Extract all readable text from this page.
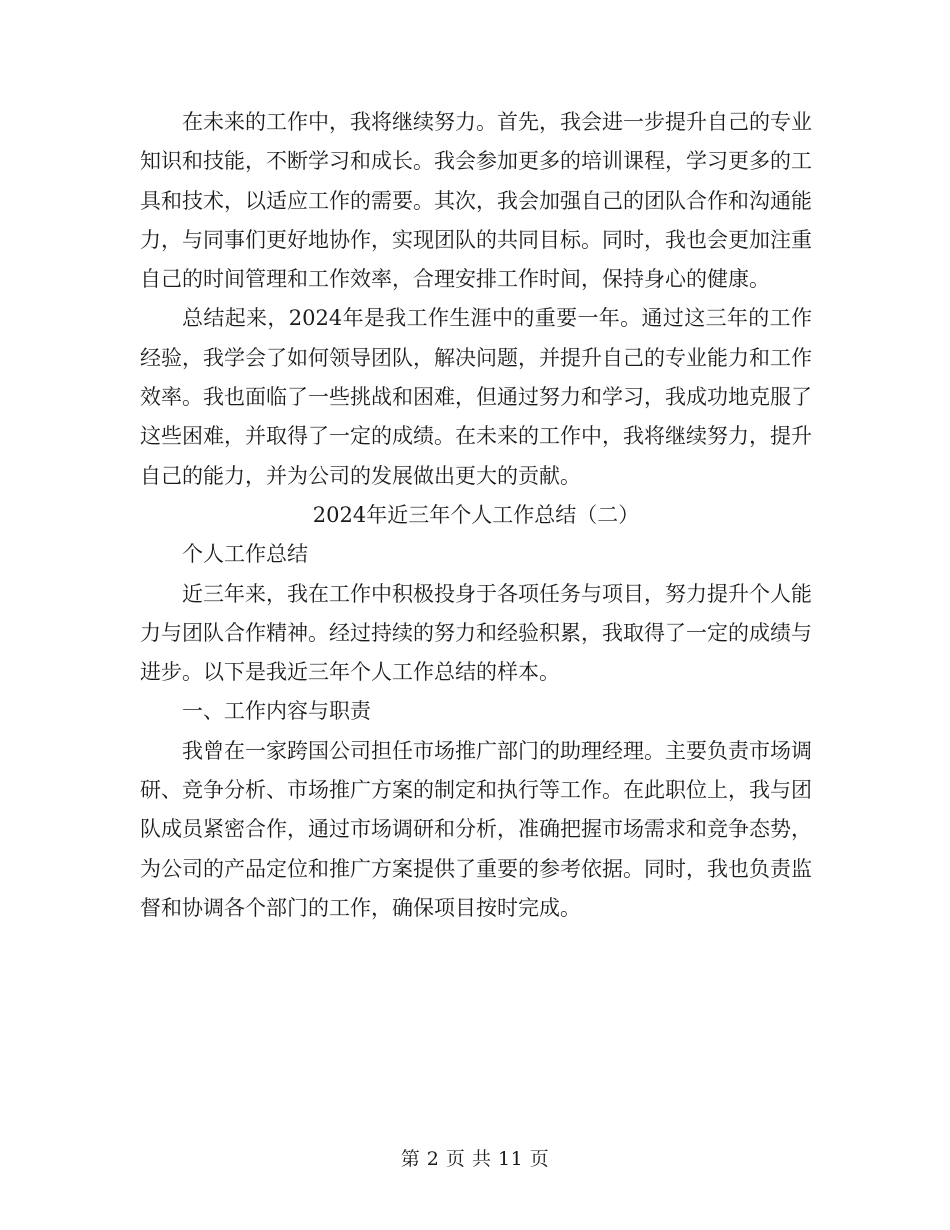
在未来的工作中，我将继续努力。首先，我会进一步提升自己的专业知识和技能，不断学习和成长。我会参加更多的培训课程，学习更多的工具和技术，以适应工作的需要。其次，我会加强自己的团队合作和沟通能力，与同事们更好地协作，实现团队的共同目标。同时，我也会更加注重自己的时间管理和工作效率，合理安排工作时间，保持身心的健康。

总结起来，2024年是我工作生涯中的重要一年。通过这三年的工作经验，我学会了如何领导团队，解决问题，并提升自己的专业能力和工作效率。我也面临了一些挑战和困难，但通过努力和学习，我成功地克服了这些困难，并取得了一定的成绩。在未来的工作中，我将继续努力，提升自己的能力，并为公司的发展做出更大的贡献。

2024年近三年个人工作总结（二）

个人工作总结

近三年来，我在工作中积极投身于各项任务与项目，努力提升个人能力与团队合作精神。经过持续的努力和经验积累，我取得了一定的成绩与进步。以下是我近三年个人工作总结的样本。

一、工作内容与职责

我曾在一家跨国公司担任市场推广部门的助理经理。主要负责市场调研、竞争分析、市场推广方案的制定和执行等工作。在此职位上，我与团队成员紧密合作，通过市场调研和分析，准确把握市场需求和竞争态势，为公司的产品定位和推广方案提供了重要的参考依据。同时，我也负责监督和协调各个部门的工作，确保项目按时完成。

第 2 页 共 11 页
